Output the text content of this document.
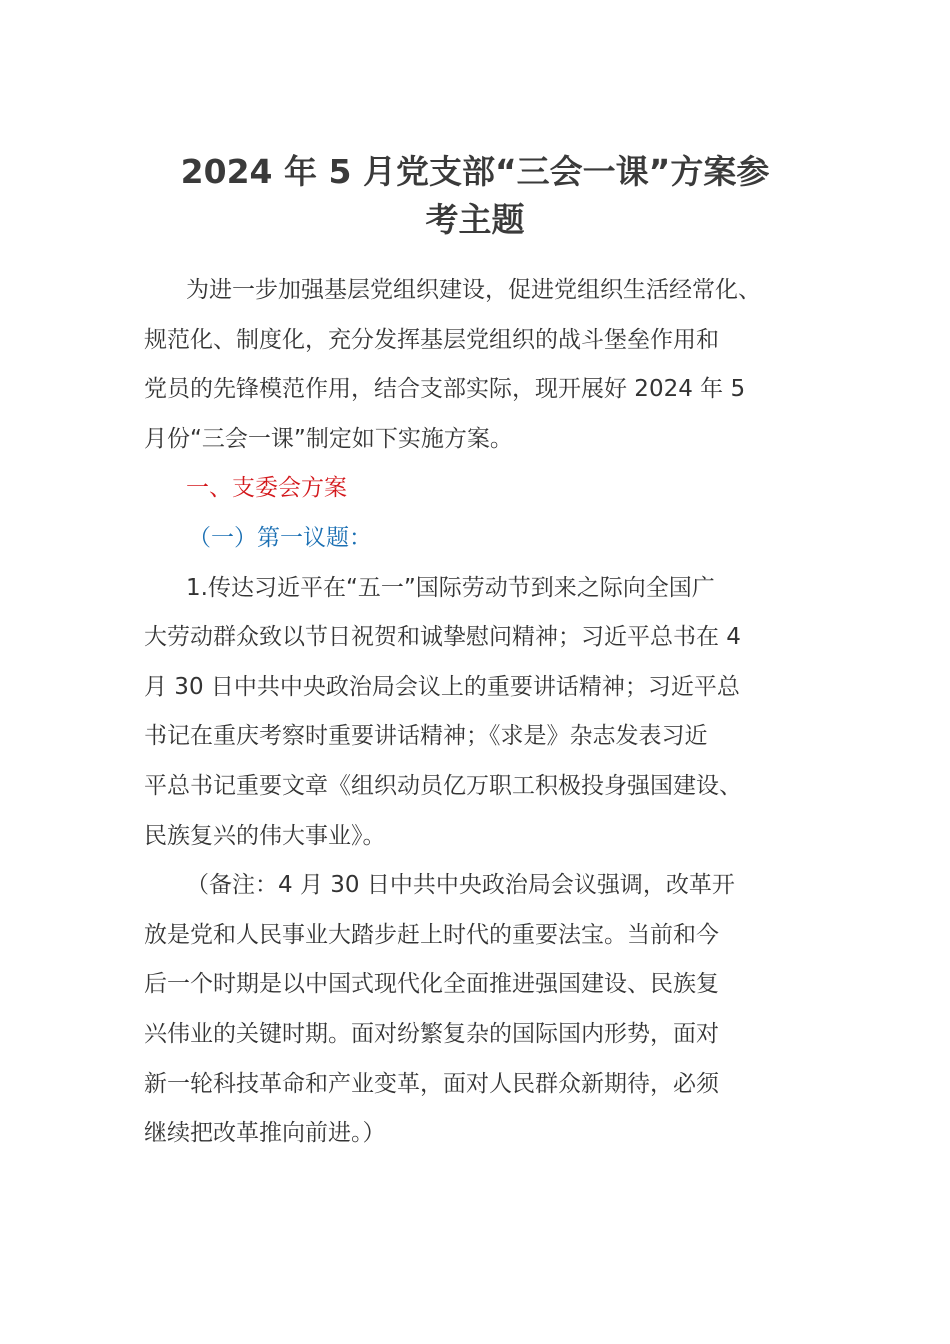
2024 年 5 月党支部“三会一课”方案参
考主题
为进一步加强基层党组织建设，促进党组织生活经常化、
规范化、制度化，充分发挥基层党组织的战斗堡垒作用和
党员的先锋模范作用，结合支部实际，现开展好 2024 年 5
月份“三会一课”制定如下实施方案。
一、支委会方案
（一）第一议题：
1.传达习近平在“五一”国际劳动节到来之际向全国广
大劳动群众致以节日祝贺和诚挚慰问精神；习近平总书在 4
月 30 日中共中央政治局会议上的重要讲话精神；习近平总
书记在重庆考察时重要讲话精神；《求是》杂志发表习近
平总书记重要文章《组织动员亿万职工积极投身强国建设、
民族复兴的伟大事业》。
（备注：4 月 30 日中共中央政治局会议强调，改革开
放是党和人民事业大踏步赶上时代的重要法宝。当前和今
后一个时期是以中国式现代化全面推进强国建设、民族复
兴伟业的关键时期。面对纷繁复杂的国际国内形势，面对
新一轮科技革命和产业变革，面对人民群众新期待，必须
继续把改革推向前进。）
